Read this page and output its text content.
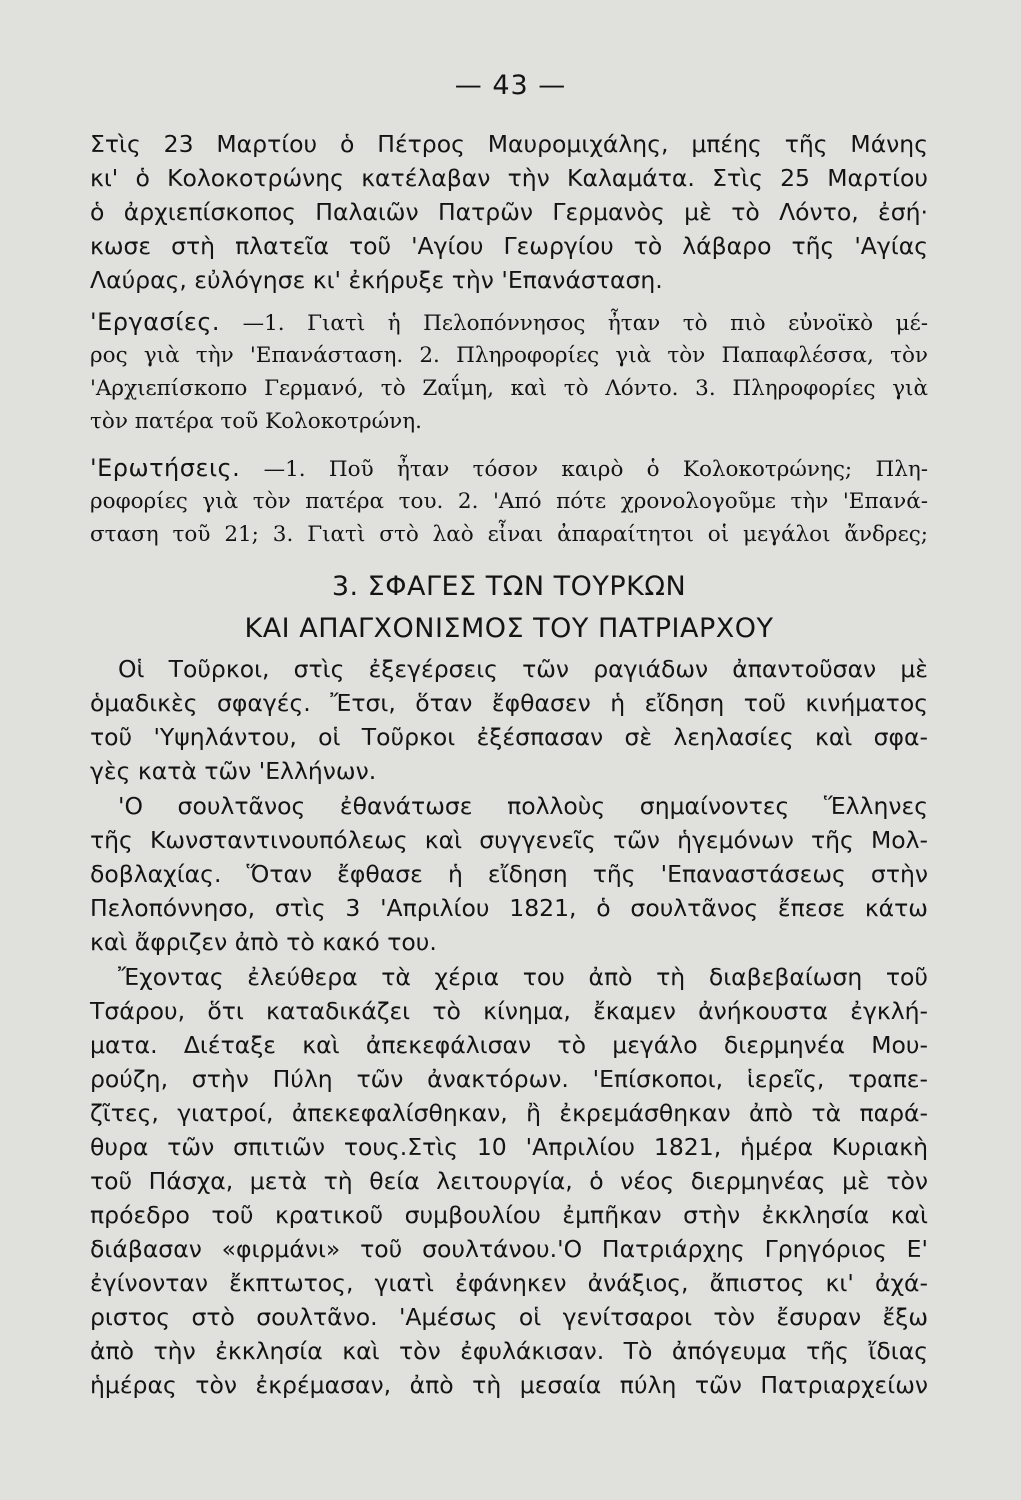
— 43 —
Στὶς 23 Μαρτίου ὁ Πέτρος Μαυρομιχάλης, μπέης τῆς Μάνης
κι' ὁ Κολοκοτρώνης κατέλαβαν τὴν Καλαμάτα. Στὶς 25 Μαρτίου
ὁ ἀρχιεπίσκοπος Παλαιῶν Πατρῶν Γερμανὸς μὲ τὸ Λόντο, ἐσή·
κωσε στὴ πλατεῖα τοῦ 'Αγίου Γεωργίου τὸ λάβαρο τῆς 'Αγίας
Λαύρας, εὐλόγησε κι' ἐκήρυξε τὴν 'Επανάσταση.
'Εργασίες. —1. Γιατὶ ἡ Πελοπόννησος ἦταν τὸ πιὸ εὐνοϊκὸ μέ-
ρος γιὰ τὴν 'Επανάσταση. 2. Πληροφορίες γιὰ τὸν Παπαφλέσσα, τὸν
'Αρχιεπίσκοπο Γερμανό, τὸ Ζαΐμη, καὶ τὸ Λόντο. 3. Πληροφορίες γιὰ
τὸν πατέρα τοῦ Κολοκοτρώνη.
'Ερωτήσεις. —1. Ποῦ ἦταν τόσον καιρὸ ὁ Κολοκοτρώνης; Πλη-
ροφορίες γιὰ τὸν πατέρα του. 2. 'Από πότε χρονολογοῦμε τὴν 'Επανά-
σταση τοῦ 21; 3. Γιατὶ στὸ λαὸ εἶναι ἀπαραίτητοι οἱ μεγάλοι ἄνδρες;
3. ΣΦΑΓΕΣ ΤΩΝ ΤΟΥΡΚΩΝ
ΚΑΙ ΑΠΑΓΧΟΝΙΣΜΟΣ ΤΟΥ ΠΑΤΡΙΑΡΧΟΥ
Οἱ Τοῦρκοι, στὶς ἐξεγέρσεις τῶν ραγιάδων ἀπαντοῦσαν μὲ
ὁμαδικὲς σφαγές. Ἔτσι, ὅταν ἔφθασεν ἡ εἴδηση τοῦ κινήματος
τοῦ 'Υψηλάντου, οἱ Τοῦρκοι ἐξέσπασαν σὲ λεηλασίες καὶ σφα-
γὲς κατὰ τῶν 'Ελλήνων.
'Ο σουλτᾶνος ἐθανάτωσε πολλοὺς σημαίνοντες Ἕλληνες
τῆς Κωνσταντινουπόλεως καὶ συγγενεῖς τῶν ἡγεμόνων τῆς Μολ-
δοβλαχίας. Ὅταν ἔφθασε ἡ εἴδηση τῆς 'Επαναστάσεως στὴν
Πελοπόννησο, στὶς 3 'Απριλίου 1821, ὁ σουλτᾶνος ἔπεσε κάτω
καὶ ἄφριζεν ἀπὸ τὸ κακό του.
Ἔχοντας ἐλεύθερα τὰ χέρια του ἀπὸ τὴ διαβεβαίωση τοῦ
Τσάρου, ὅτι καταδικάζει τὸ κίνημα, ἔκαμεν ἀνήκουστα ἐγκλή-
ματα. Διέταξε καὶ ἀπεκεφάλισαν τὸ μεγάλο διερμηνέα Μου-
ρούζη, στὴν Πύλη τῶν ἀνακτόρων. 'Επίσκοποι, ἱερεῖς, τραπε-
ζῖτες, γιατροί, ἀπεκεφαλίσθηκαν, ἢ ἐκρεμάσθηκαν ἀπὸ τὰ παρά-
θυρα τῶν σπιτιῶν τους.Στὶς 10 'Απριλίου 1821, ἡμέρα Κυριακὴ
τοῦ Πάσχα, μετὰ τὴ θεία λειτουργία, ὁ νέος διερμηνέας μὲ τὸν
πρόεδρο τοῦ κρατικοῦ συμβουλίου ἐμπῆκαν στὴν ἐκκλησία καὶ
διάβασαν «φιρμάνι» τοῦ σουλτάνου.'Ο Πατριάρχης Γρηγόριος Ε'
ἐγίνονταν ἔκπτωτος, γιατὶ ἐφάνηκεν ἀνάξιος, ἄπιστος κι' ἀχά-
ριστος στὸ σουλτᾶνο. 'Αμέσως οἱ γενίτσαροι τὸν ἔσυραν ἔξω
ἀπὸ τὴν ἐκκλησία καὶ τὸν ἐφυλάκισαν. Τὸ ἀπόγευμα τῆς ἴδιας
ἡμέρας τὸν ἐκρέμασαν, ἀπὸ τὴ μεσαία πύλη τῶν Πατριαρχείων
